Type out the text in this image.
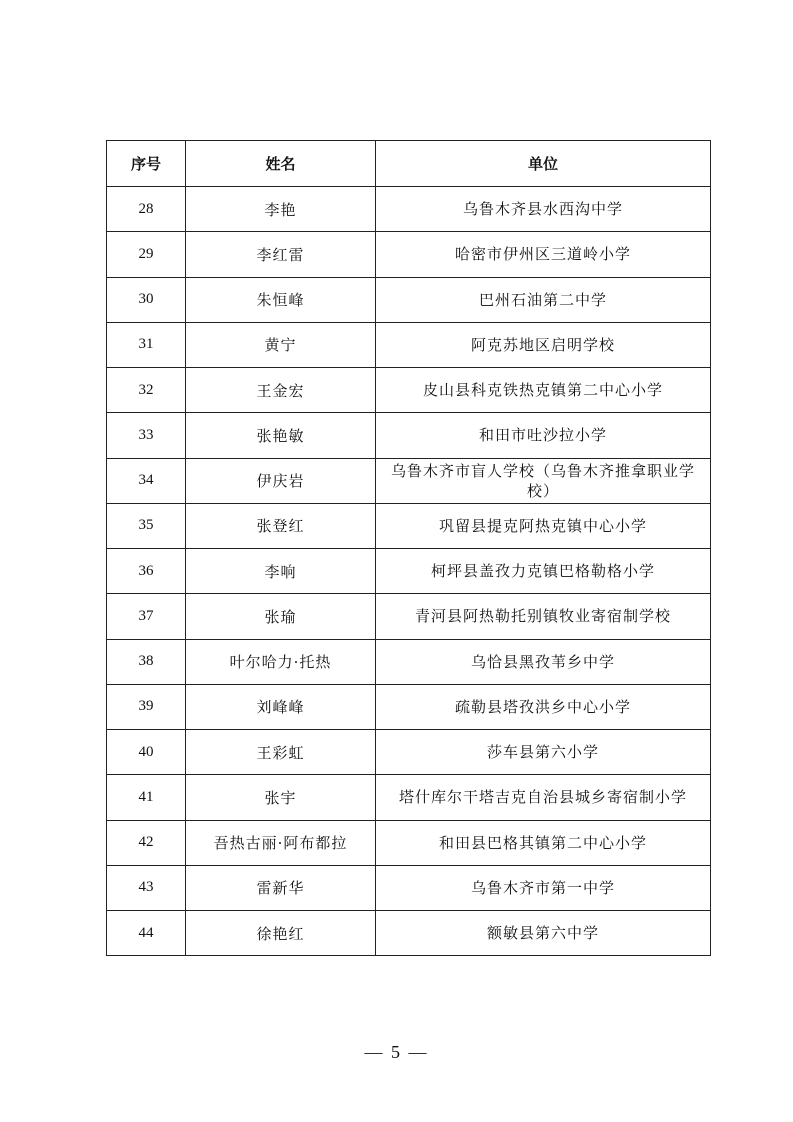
序号	姓名	单位
28	李艳	乌鲁木齐县水西沟中学
29	李红雷	哈密市伊州区三道岭小学
30	朱恒峰	巴州石油第二中学
31	黄宁	阿克苏地区启明学校
32	王金宏	皮山县科克铁热克镇第二中心小学
33	张艳敏	和田市吐沙拉小学
34	伊庆岩	乌鲁木齐市盲人学校（乌鲁木齐推拿职业学校）
35	张登红	巩留县提克阿热克镇中心小学
36	李响	柯坪县盖孜力克镇巴格勒格小学
37	张瑜	青河县阿热勒托别镇牧业寄宿制学校
38	叶尔哈力·托热	乌恰县黑孜苇乡中学
39	刘峰峰	疏勒县塔孜洪乡中心小学
40	王彩虹	莎车县第六小学
41	张宇	塔什库尔干塔吉克自治县城乡寄宿制小学
42	吾热古丽·阿布都拉	和田县巴格其镇第二中心小学
43	雷新华	乌鲁木齐市第一中学
44	徐艳红	额敏县第六中学
— 5 —
